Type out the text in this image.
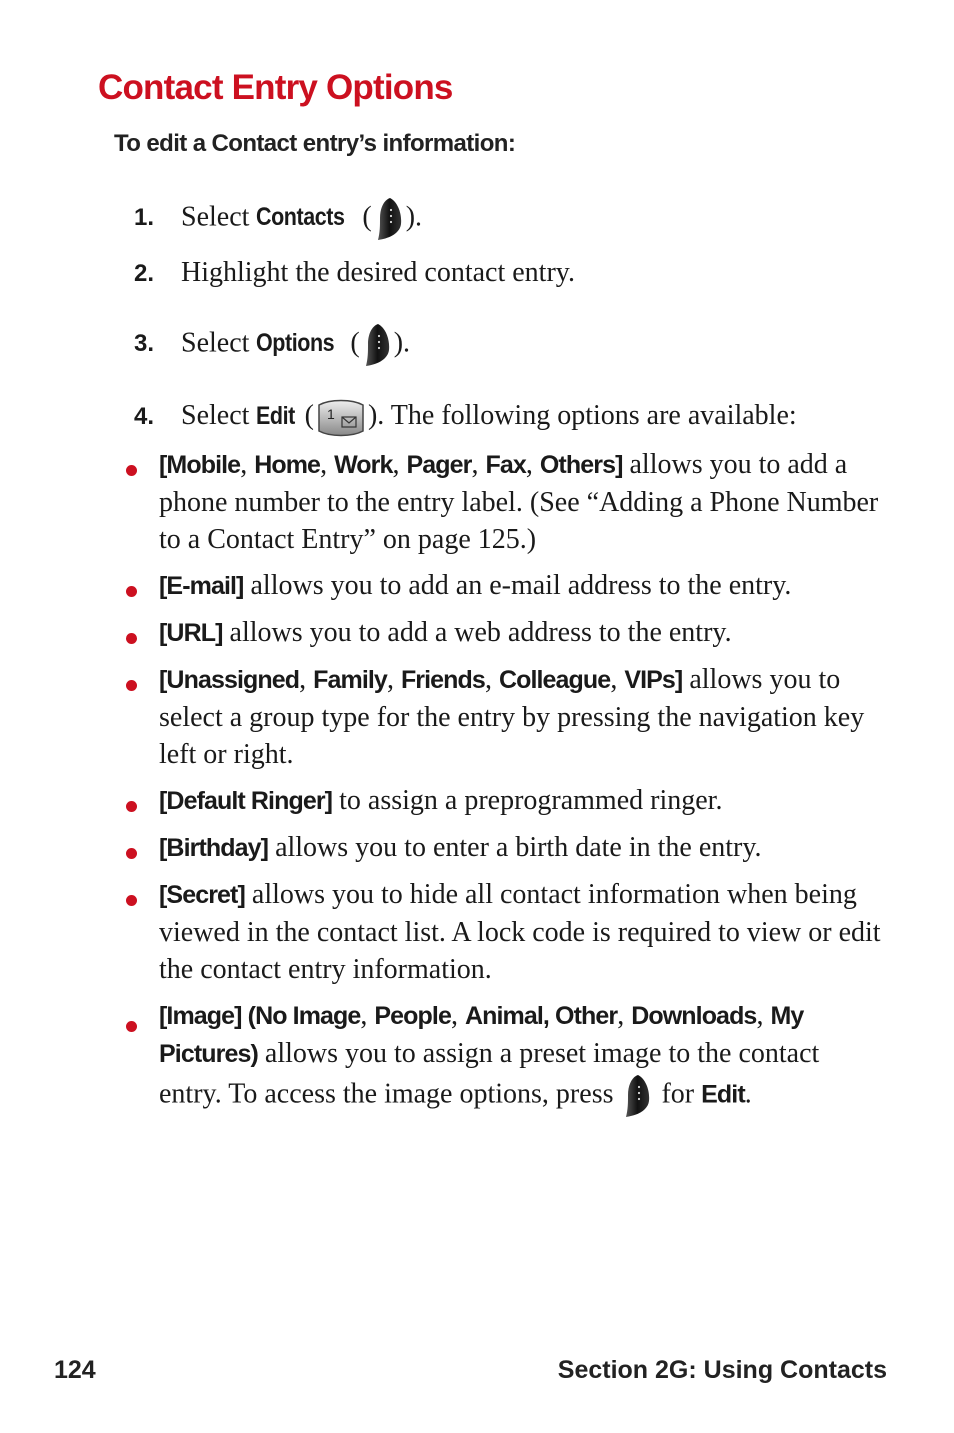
Contact Entry Options
To edit a Contact entry’s information:
1. Select Contacts ( ).
2. Highlight the desired contact entry.
3. Select Options ( ).
4. Select Edit ( 1 ). The following options are available:
[Mobile, Home, Work, Pager, Fax, Others] allows you to add a phone number to the entry label. (See “Adding a Phone Number to a Contact Entry” on page 125.)
[E-mail] allows you to add an e-mail address to the entry.
[URL] allows you to add a web address to the entry.
[Unassigned, Family, Friends, Colleague, VIPs] allows you to select a group type for the entry by pressing the navigation key left or right.
[Default Ringer] to assign a preprogrammed ringer.
[Birthday] allows you to enter a birth date in the entry.
[Secret] allows you to hide all contact information when being viewed in the contact list. A lock code is required to view or edit the contact entry information.
[Image] (No Image, People, Animal, Other, Downloads, My Pictures) allows you to assign a preset image to the contact entry. To access the image options, press  for Edit.
124	Section 2G: Using Contacts
